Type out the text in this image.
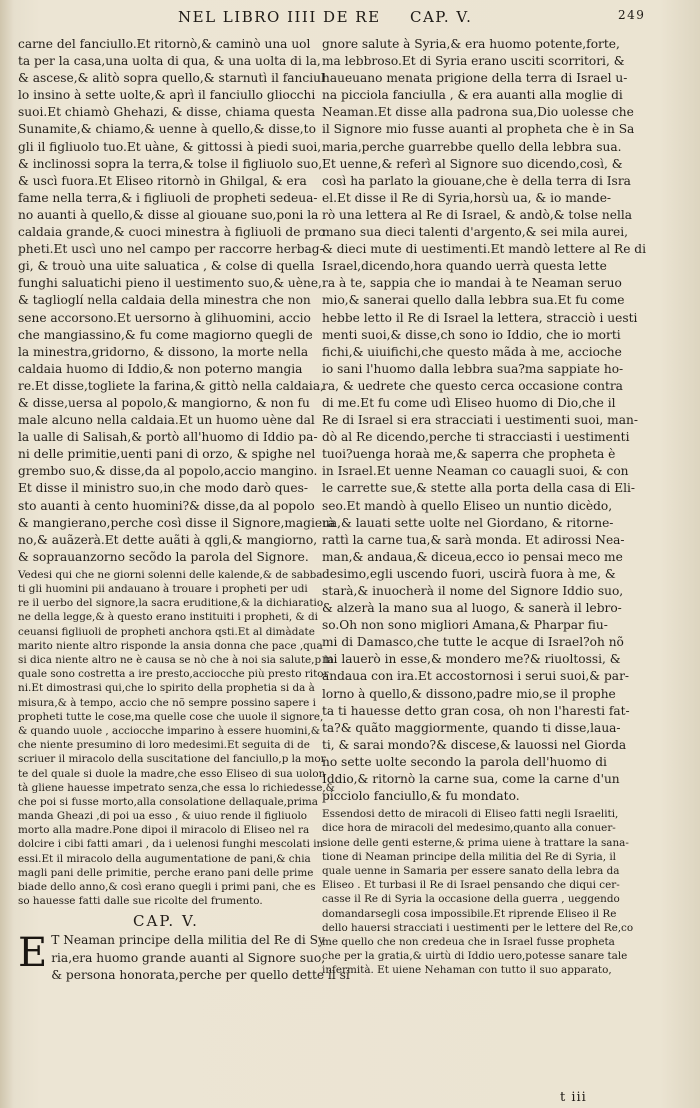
NEL LIBRO IIII DE RE CAP. V.	249
carne del fanciullo.Et ritornò,& caminò una uol
ta per la casa,una uolta di qua, & una uolta di la,
& ascese,& alitò sopra quello,& starnutì il fanciul
lo insino à sette uolte,& aprì il fanciullo gliocchi
suoi.Et chiamò Ghehazi, & disse, chiama questa
Sunamite,& chiamo,& uenne à quello,& disse,to
gli il figliuolo tuo.Et uàne, & gittossi à piedi suoi,
& inclinossi sopra la terra,& tolse il figliuolo suo,
& uscì fuora.Et Eliseo ritornò in Ghilgal, & era
fame nella terra,& i figliuoli de propheti sedeua-
no auanti à quello,& disse al giouane suo,poni la
caldaia grande,& cuoci minestra à figliuoli de pro
pheti.Et uscì uno nel campo per raccorre herbag-
gi, & trouò una uite saluatica , & colse di quella
funghi saluatichi pieno il uestimento suo,& uène,
& taglioglí nella caldaia della minestra che non
sene accorsono.Et uersorno à glihuomini, accio
che mangiassino,& fu come magiorno quegli de
la minestra,gridorno, & dissono, la morte nella
caldaia huomo di Iddio,& non poterno mangia
re.Et disse,togliete la farina,& gittò nella caldaia,
& disse,uersa al popolo,& mangiorno, & non fu
male alcuno nella caldaia.Et un huomo uène dal
la ualle di Salisah,& portò all'huomo di Iddio pa-
ni delle primitie,uenti pani di orzo, & spighe nel
grembo suo,& disse,da al popolo,accio mangino.
Et disse il ministro suo,in che modo darò ques-
sto auanti à cento huomini?& disse,da al popolo
& mangierano,perche così disse il Signore,magierà
no,& auãzerà.Et dette auãti à qgli,& mangiorno,
& soprauanzorno secõdo la parola del Signore.
Vedesi qui che ne giorni solenni delle kalende,& de sabba
ti gli huomini pii andauano à trouare i propheti per udi
re il uerbo del signore,la sacra eruditione,& la dichiaratio
ne della legge,& à questo erano instituiti i propheti, & di
ceuansi figliuoli de propheti anchora qsti.Et al dimàdate
marito niente altro risponde la ansia donna che pace ,qua
si dica niente altro ne è causa se nò che à noi sia salute,p la
quale sono costretta a ire presto,acciocche più presto ritor
ni.Et dimostrasi qui,che lo spirito della prophetia si da à
misura,& à tempo, accio che nõ sempre possino sapere i
propheti tutte le cose,ma quelle cose che uuole il signore,
& quando uuole , acciocche imparino à essere huomini,&
che niente presumino di loro medesimi.Et seguita di de
scriuer il miracolo della suscitatione del fanciullo,p la mor
te del quale si duole la madre,che esso Eliseo di sua uolon
tà gliene hauesse impetrato senza,che essa lo richiedesse,&
che poi si fusse morto,alla consolatione dellaquale,prima
manda Gheazi ,di poi ua esso , & uiuo rende il figliuolo
morto alla madre.Pone dipoi il miracolo di Eliseo nel ra
dolcire i cibi fatti amari , da i uelenosi funghi mescolati in
essi.Et il miracolo della augumentatione de pani,& chia
magli pani delle primitie, perche erano pani delle prime
biade dello anno,& così erano quegli i primi pani, che es
so hauesse fatti dalle sue ricolte del frumento.
CAP. V.
E T Neaman principe della militia del Re di Sy
ria,era huomo grande auanti al Signore suo,
& persona honorata,perche per quello dette il si
gnore salute à Syria,& era huomo potente,forte,
ma lebbroso.Et di Syria erano usciti scorritori, &
haueuano menata prigione della terra di Israel u-
na picciola fanciulla , & era auanti alla moglie di
Neaman.Et disse alla padrona sua,Dio uolesse che
il Signore mio fusse auanti al propheta che è in Sa
maria,perche guarrebbe quello della lebbra sua.
Et uenne,& referì al Signore suo dicendo,così, &
così ha parlato la giouane,che è della terra di Isra
el.Et disse il Re di Syria,horsù ua, & io mande-
rò una lettera al Re di Israel, & andò,& tolse nella
mano sua dieci talenti d'argento,& sei mila aurei,
& dieci mute di uestimenti.Et mandò lettere al Re di
Israel,dicendo,hora quando uerrà questa lette
ra à te, sappia che io mandai à te Neaman seruo
mio,& sanerai quello dalla lebbra sua.Et fu come
hebbe letto il Re di Israel la lettera, stracciò i uesti
menti suoi,& disse,ch sono io Iddio, che io morti
fichi,& uiuifichi,che questo mãda à me, accioche
io sani l'huomo dalla lebbra sua?ma sappiate ho-
ra, & uedrete che questo cerca occasione contra
di me.Et fu come udì Eliseo huomo di Dio,che il
Re di Israel si era stracciati i uestimenti suoi, man-
dò al Re dicendo,perche ti stracciasti i uestimenti
tuoi?uenga horaà me,& saperra che propheta è
in Israel.Et uenne Neaman co cauagli suoi, & con
le carrette sue,& stette alla porta della casa di Eli-
seo.Et mandò à quello Eliseo un nuntio dicèdo,
ua,& lauati sette uolte nel Giordano, & ritorne-
rattì la carne tua,& sarà monda. Et adirossi Nea-
man,& andaua,& diceua,ecco io pensai meco me
desimo,egli uscendo fuori, uscirà fuora à me, &
starà,& inuocherà il nome del Signore Iddio suo,
& alzerà la mano sua al luogo, & sanerà il lebro-
so.Oh non sono migliori Amana,& Pharpar fiu-
mi di Damasco,che tutte le acque di Israel?oh nõ
mi lauerò in esse,& mondero me?& riuoltossi, &
andaua con ira.Et accostornosi i serui suoi,& par-
lorno à quello,& dissono,padre mio,se il prophe
ta ti hauesse detto gran cosa, oh non l'haresti fat-
ta?& quãto maggiormente, quando ti disse,laua-
ti, & sarai mondo?& discese,& lauossi nel Giorda
no sette uolte secondo la parola dell'huomo di
Iddio,& ritornò la carne sua, come la carne d'un
picciolo fanciullo,& fu mondato.
Essendosi detto de miracoli di Eliseo fatti negli Israeliti,
dice hora de miracoli del medesimo,quanto alla conuer-
sione delle genti esterne,& prima uiene à trattare la sana-
tione di Neaman principe della militia del Re di Syria, il
quale uenne in Samaria per essere sanato della lebra da
Eliseo . Et turbasi il Re di Israel pensando che diqui cer-
casse il Re di Syria la occasione della guerra , ueggendo
domandarsegli cosa impossibile.Et riprende Eliseo il Re
dello hauersi stracciati i uestimenti per le lettere del Re,co
me quello che non credeua che in Israel fusse propheta
che per la gratia,& uirtù di Iddio uero,potesse sanare tale
infermità. Et uiene Nehaman con tutto il suo apparato,
t iii
